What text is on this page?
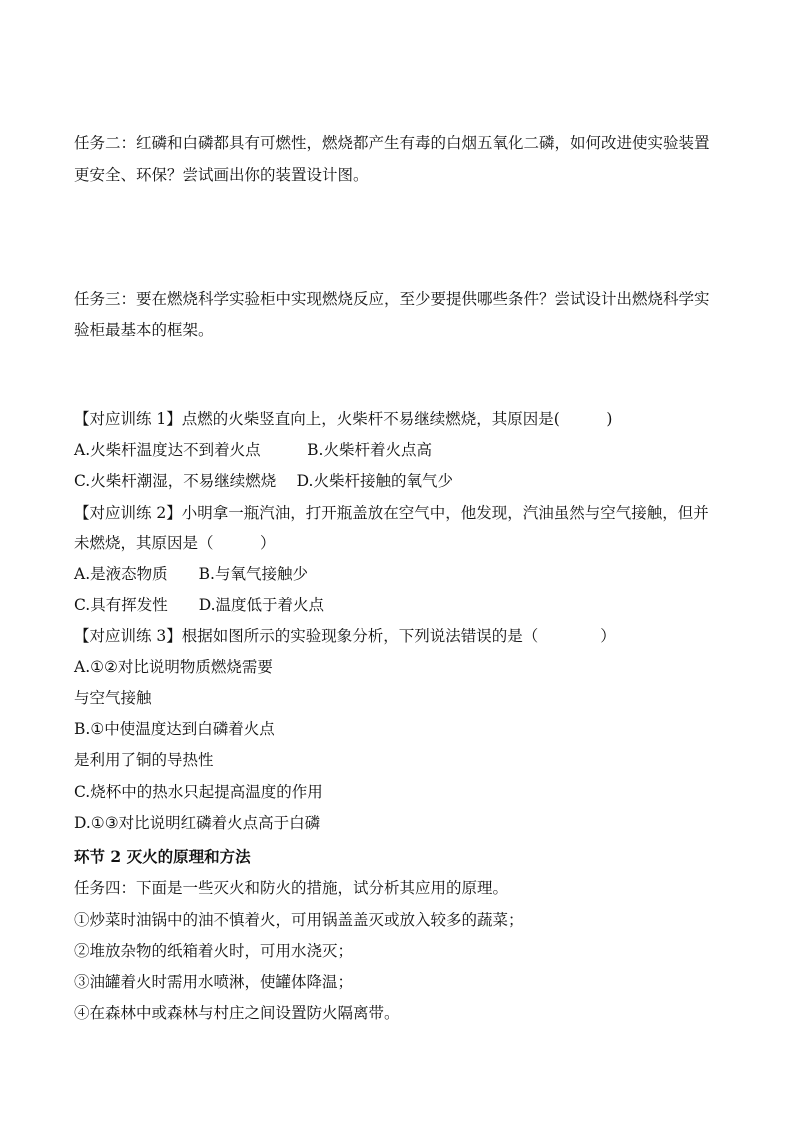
任务二：红磷和白磷都具有可燃性，燃烧都产生有毒的白烟五氧化二磷，如何改进使实验装置
更安全、环保？尝试画出你的装置设计图。
任务三：要在燃烧科学实验柜中实现燃烧反应，至少要提供哪些条件？尝试设计出燃烧科学实
验柜最基本的框架。
【对应训练 1】点燃的火柴竖直向上，火柴杆不易继续燃烧，其原因是(　　　)
A.火柴杆温度达不到着火点　　　B.火柴杆着火点高
C.火柴杆潮湿，不易继续燃烧　 D.火柴杆接触的氧气少
【对应训练 2】小明拿一瓶汽油，打开瓶盖放在空气中，他发现，汽油虽然与空气接触，但并
未燃烧，其原因是（　　　）
A.是液态物质　　B.与氧气接触少
C.具有挥发性　　D.温度低于着火点
【对应训练 3】根据如图所示的实验现象分析，下列说法错误的是（　　　　）
A.①②对比说明物质燃烧需要
与空气接触
B.①中使温度达到白磷着火点
是利用了铜的导热性
C.烧杯中的热水只起提高温度的作用
D.①③对比说明红磷着火点高于白磷
环节 2 灭火的原理和方法
任务四：下面是一些灭火和防火的措施，试分析其应用的原理。
①炒菜时油锅中的油不慎着火，可用锅盖盖灭或放入较多的蔬菜；
②堆放杂物的纸箱着火时，可用水浇灭；
③油罐着火时需用水喷淋，使罐体降温；
④在森林中或森林与村庄之间设置防火隔离带。
